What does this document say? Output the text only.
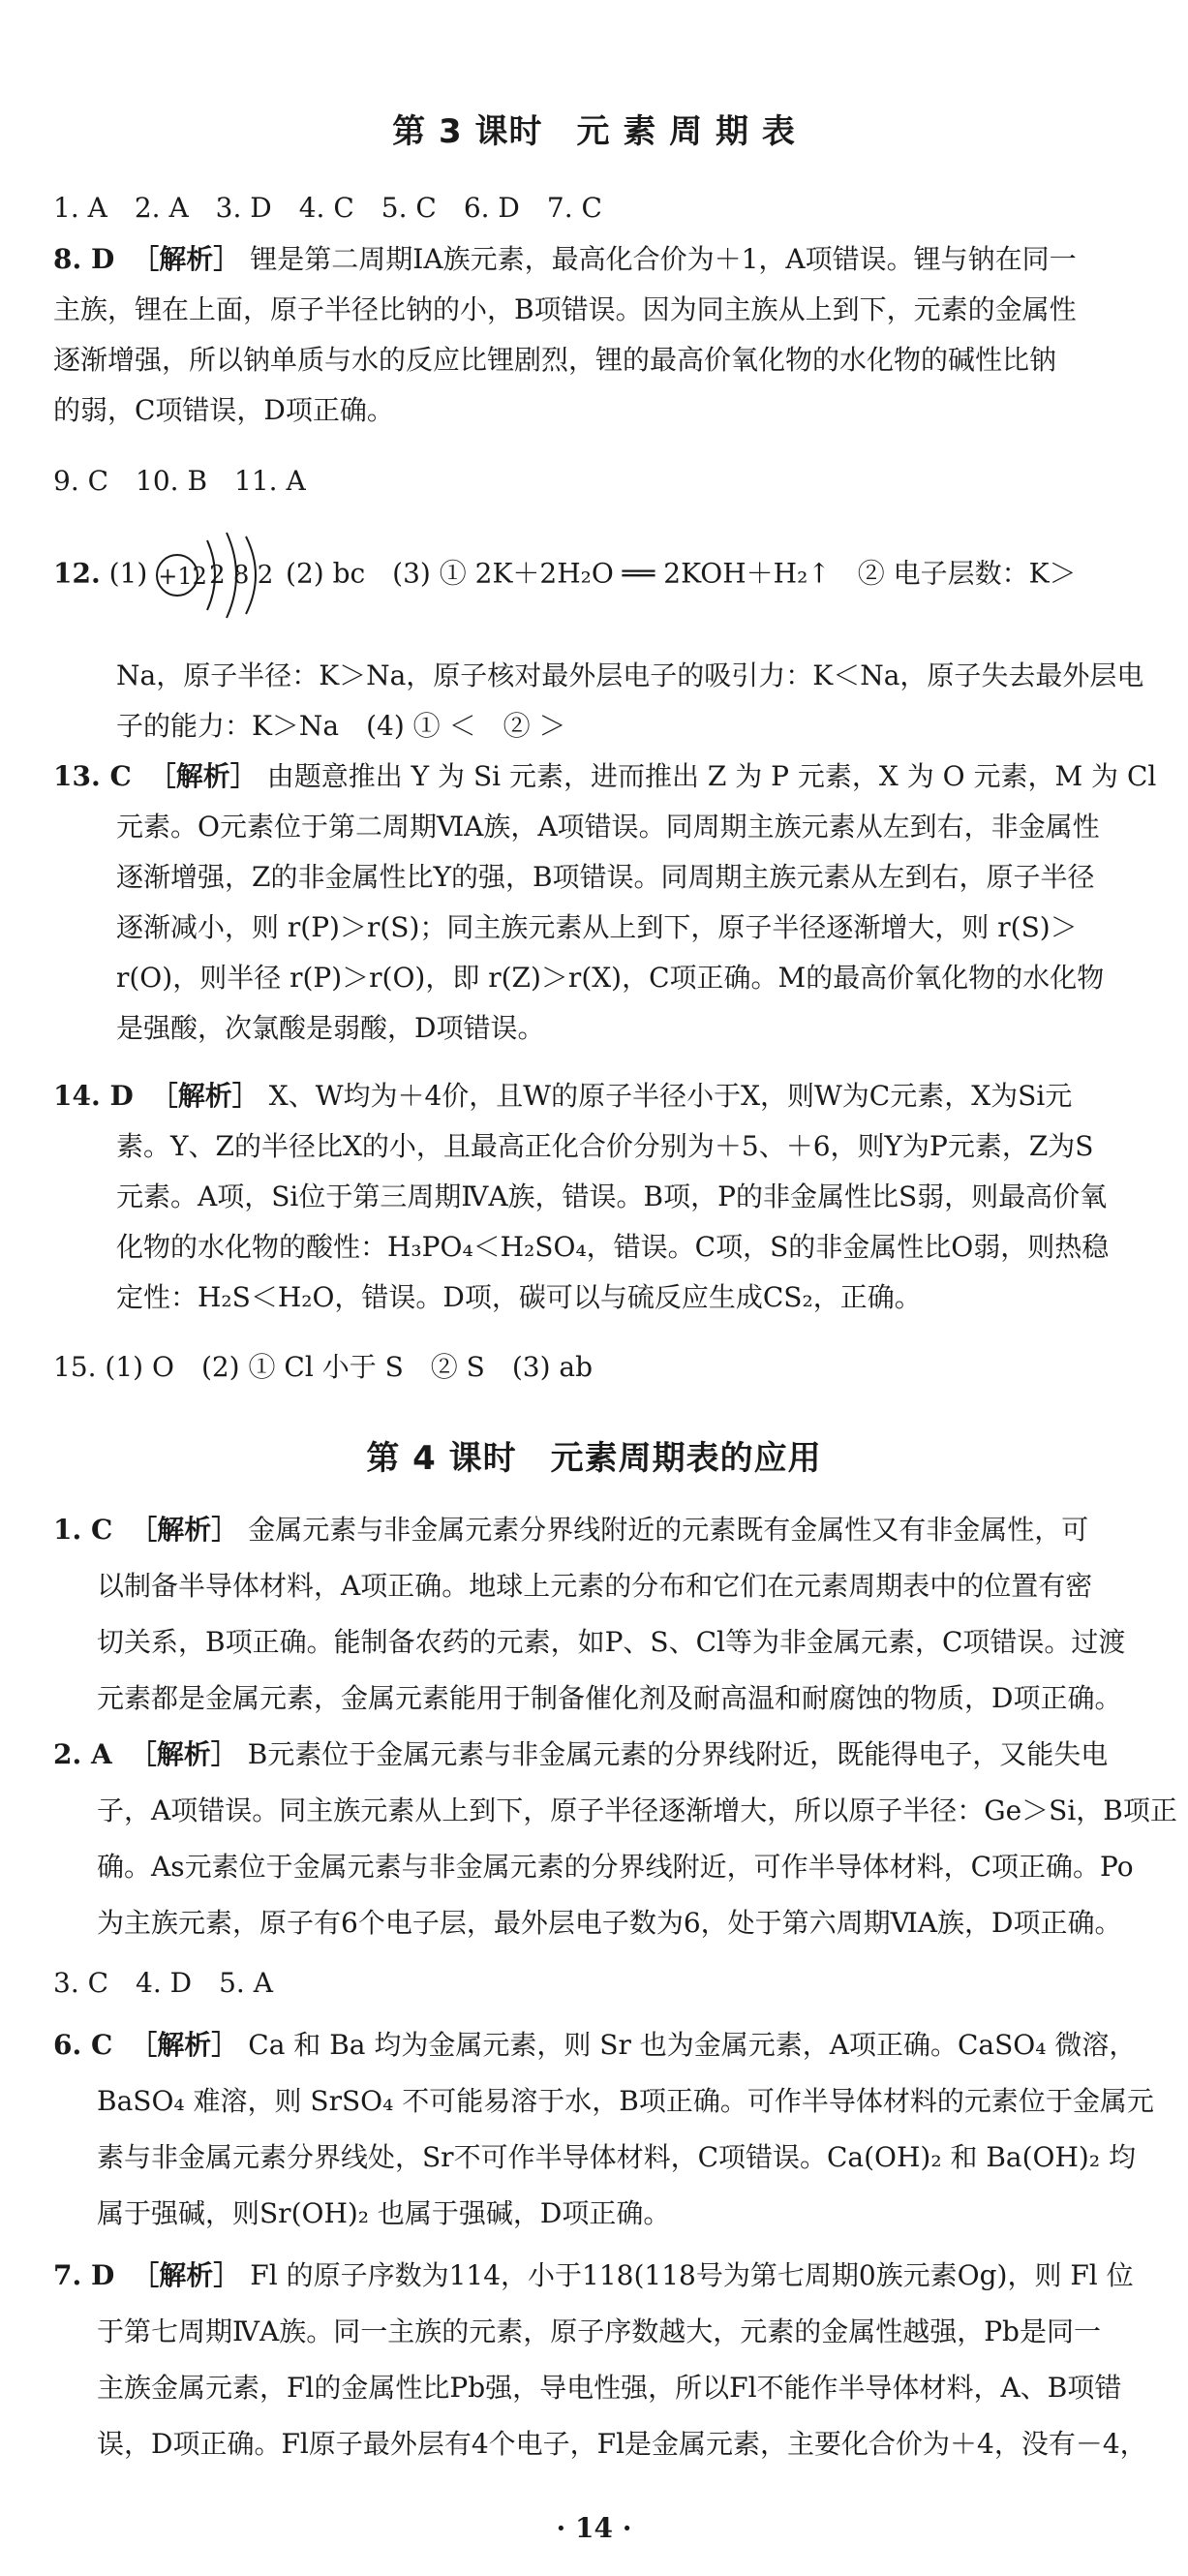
第 3 课时　元 素 周 期 表
1. A　2. A　3. D　4. C　5. C　6. D　7. C
8. D ［解析］ 锂是第二周期ⅠA族元素，最高化合价为＋1，A项错误。锂与钠在同一
主族，锂在上面，原子半径比钠的小，B项错误。因为同主族从上到下，元素的金属性
逐渐增强，所以钠单质与水的反应比锂剧烈，锂的最高价氧化物的水化物的碱性比钠
的弱，C项错误，D项正确。
9. C　10. B　11. A
12. (1) +12 2 8 2 (2) bc　(3) ① 2K＋2H₂O ══ 2KOH＋H₂↑　② 电子层数：K＞
Na，原子半径：K＞Na，原子核对最外层电子的吸引力：K＜Na，原子失去最外层电
子的能力：K＞Na　(4) ① ＜　② ＞
13. C ［解析］ 由题意推出 Y 为 Si 元素，进而推出 Z 为 P 元素，X 为 O 元素，M 为 Cl
元素。O元素位于第二周期ⅥA族，A项错误。同周期主族元素从左到右，非金属性
逐渐增强，Z的非金属性比Y的强，B项错误。同周期主族元素从左到右，原子半径
逐渐减小，则 r(P)＞r(S)；同主族元素从上到下，原子半径逐渐增大，则 r(S)＞
r(O)，则半径 r(P)＞r(O)，即 r(Z)＞r(X)，C项正确。M的最高价氧化物的水化物
是强酸，次氯酸是弱酸，D项错误。
14. D ［解析］ X、W均为＋4价，且W的原子半径小于X，则W为C元素，X为Si元
素。Y、Z的半径比X的小，且最高正化合价分别为＋5、＋6，则Y为P元素，Z为S
元素。A项，Si位于第三周期ⅣA族，错误。B项，P的非金属性比S弱，则最高价氧
化物的水化物的酸性：H₃PO₄＜H₂SO₄，错误。C项，S的非金属性比O弱，则热稳
定性：H₂S＜H₂O，错误。D项，碳可以与硫反应生成CS₂，正确。
15. (1) O　(2) ① Cl 小于 S　② S　(3) ab
第 4 课时　元素周期表的应用
1. C ［解析］ 金属元素与非金属元素分界线附近的元素既有金属性又有非金属性，可
以制备半导体材料，A项正确。地球上元素的分布和它们在元素周期表中的位置有密
切关系，B项正确。能制备农药的元素，如P、S、Cl等为非金属元素，C项错误。过渡
元素都是金属元素，金属元素能用于制备催化剂及耐高温和耐腐蚀的物质，D项正确。
2. A ［解析］ B元素位于金属元素与非金属元素的分界线附近，既能得电子，又能失电
子，A项错误。同主族元素从上到下，原子半径逐渐增大，所以原子半径：Ge＞Si，B项正
确。As元素位于金属元素与非金属元素的分界线附近，可作半导体材料，C项正确。Po
为主族元素，原子有6个电子层，最外层电子数为6，处于第六周期ⅥA族，D项正确。
3. C　4. D　5. A
6. C ［解析］ Ca 和 Ba 均为金属元素，则 Sr 也为金属元素，A项正确。CaSO₄ 微溶，
BaSO₄ 难溶，则 SrSO₄ 不可能易溶于水，B项正确。可作半导体材料的元素位于金属元
素与非金属元素分界线处，Sr不可作半导体材料，C项错误。Ca(OH)₂ 和 Ba(OH)₂ 均
属于强碱，则Sr(OH)₂ 也属于强碱，D项正确。
7. D ［解析］ Fl 的原子序数为114，小于118(118号为第七周期0族元素Og)，则 Fl 位
于第七周期ⅣA族。同一主族的元素，原子序数越大，元素的金属性越强，Pb是同一
主族金属元素，Fl的金属性比Pb强，导电性强，所以Fl不能作半导体材料，A、B项错
误，D项正确。Fl原子最外层有4个电子，Fl是金属元素，主要化合价为＋4，没有－4，
· 14 ·
